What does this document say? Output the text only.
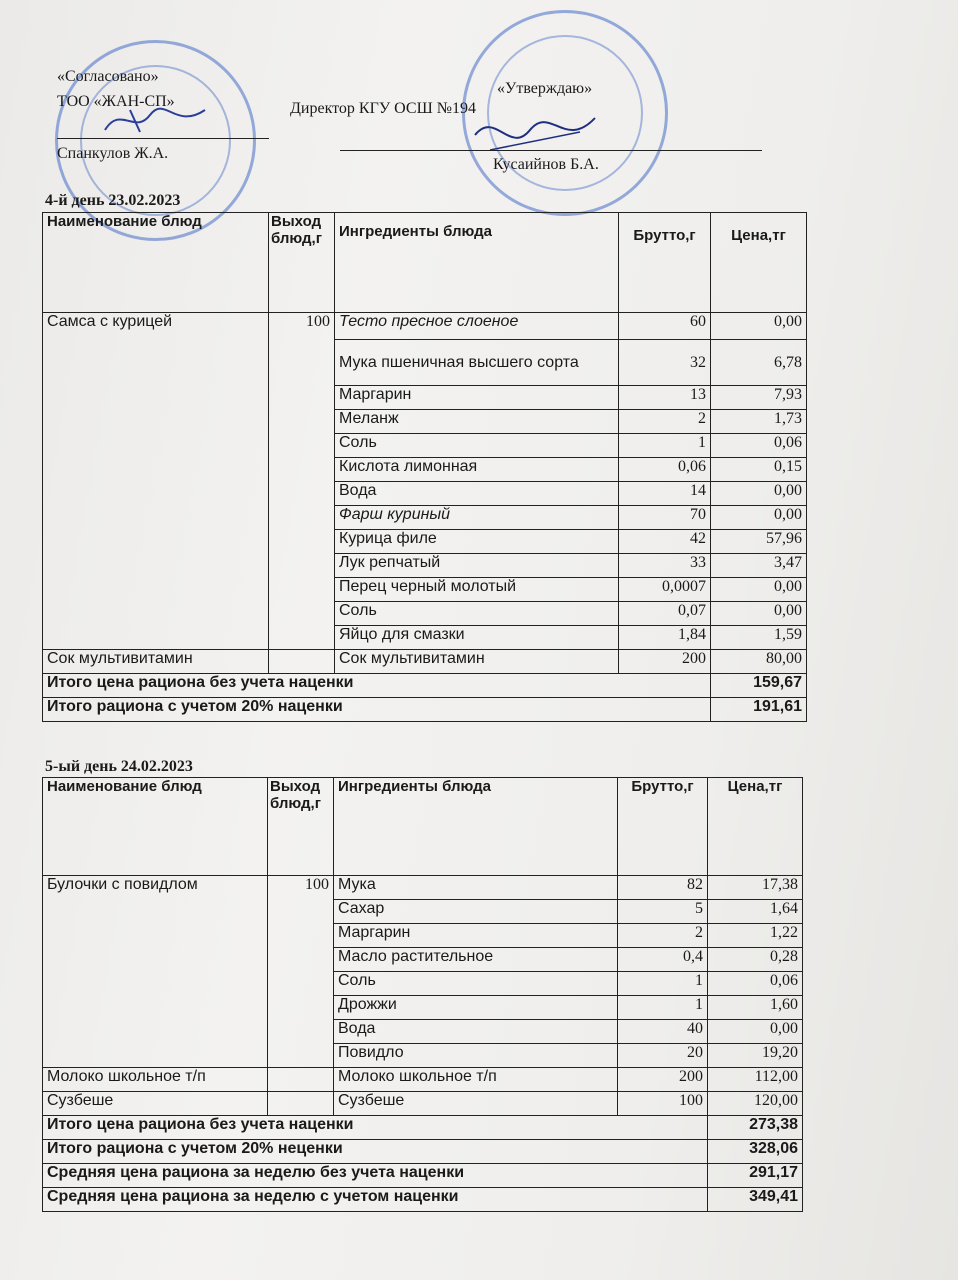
«Согласовано»
ТОО «ЖАН-СП»
Спанкулов Ж.А.
Директор КГУ ОСШ №194
«Утверждаю»
Кусаийнов Б.А.
4-й день 23.02.2023
Наименование блюд	Выход блюд,г	Ингредиенты блюда	Брутто,г	Цена,тг
Самса с курицей	100	Тесто пресное слоеное	60	0,00
		Мука пшеничная высшего сорта	32	6,78
		Маргарин	13	7,93
		Меланж	2	1,73
		Соль	1	0,06
		Кислота лимонная	0,06	0,15
		Вода	14	0,00
		Фарш куриный	70	0,00
		Курица филе	42	57,96
		Лук репчатый	33	3,47
		Перец черный молотый	0,0007	0,00
		Соль	0,07	0,00
		Яйцо для смазки	1,84	1,59
Сок мультивитамин		Сок мультивитамин	200	80,00
Итого цена рациона без учета наценки				159,67
Итого рациона с учетом 20% наценки				191,61
5-ый день 24.02.2023
Наименование блюд	Выход блюд,г	Ингредиенты блюда	Брутто,г	Цена,тг
Булочки с повидлом	100	Мука	82	17,38
		Сахар	5	1,64
		Маргарин	2	1,22
		Масло растительное	0,4	0,28
		Соль	1	0,06
		Дрожжи	1	1,60
		Вода	40	0,00
		Повидло	20	19,20
Молоко школьное т/п		Молоко школьное т/п	200	112,00
Сузбеше		Сузбеше	100	120,00
Итого цена рациона без учета наценки				273,38
Итого рациона с учетом 20% неценки				328,06
Средняя цена рациона за неделю без учета наценки				291,17
Средняя цена рациона за неделю с учетом наценки				349,41
